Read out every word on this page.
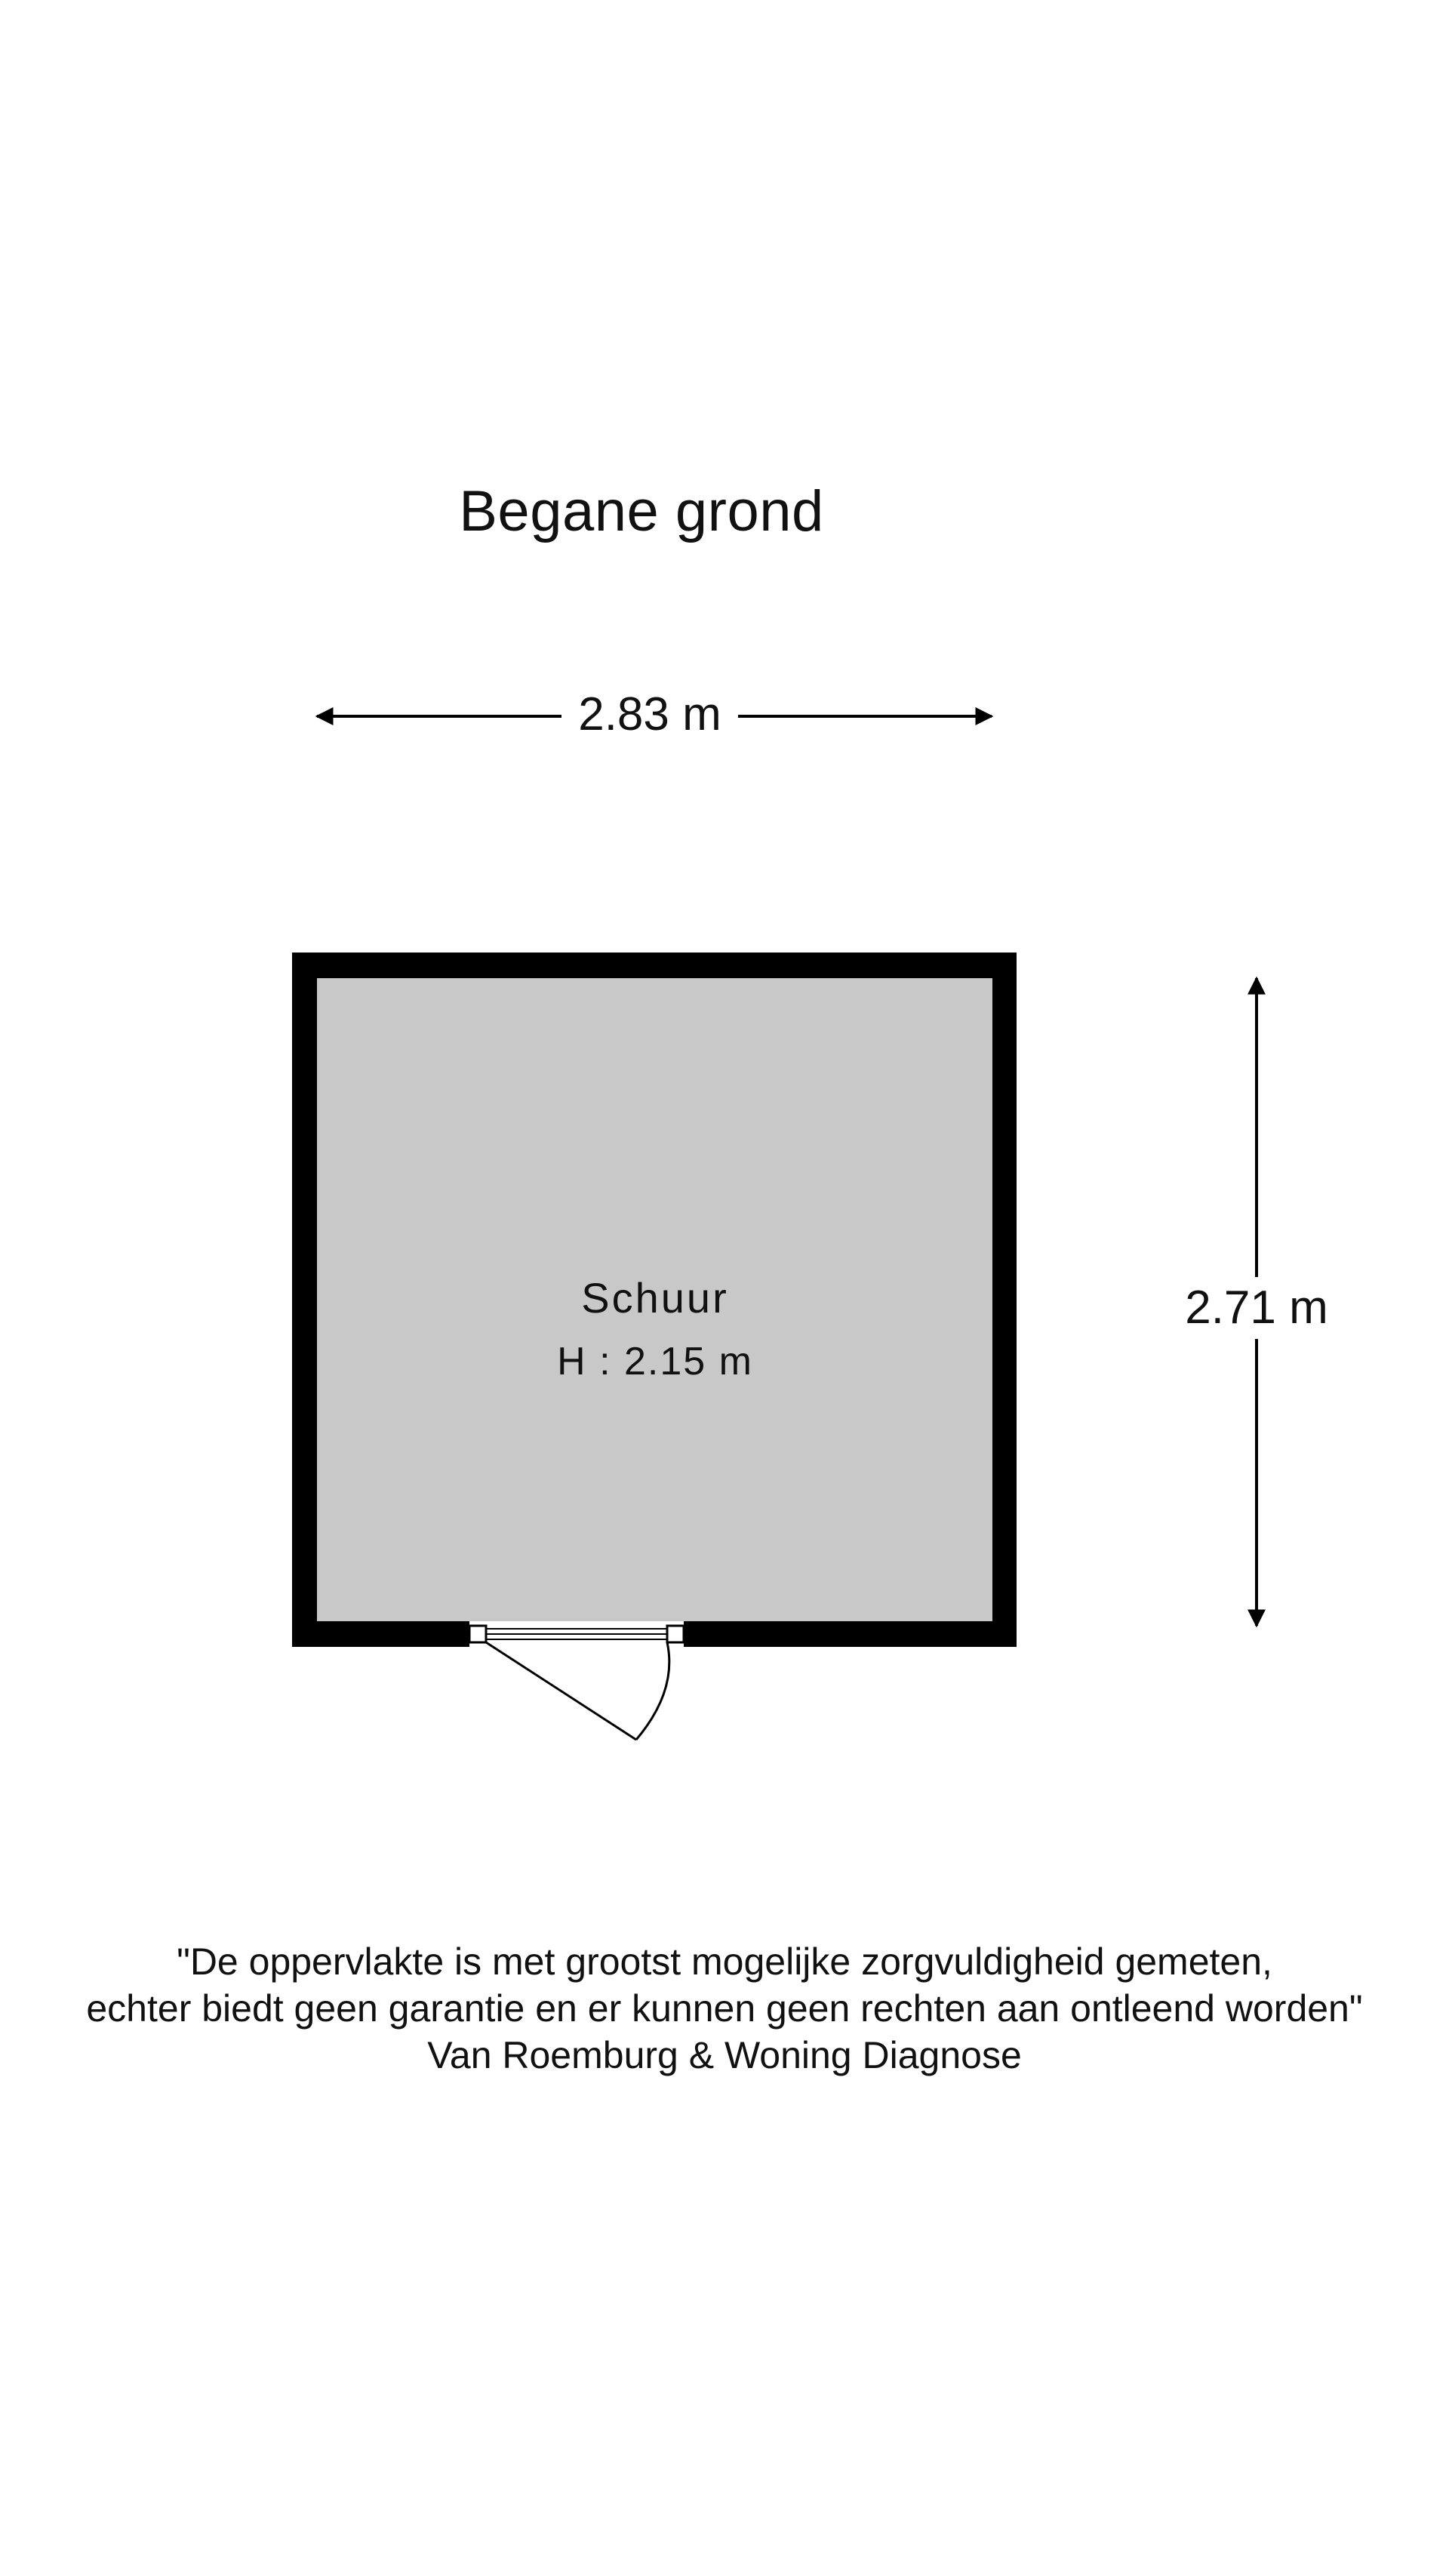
Begane grond
2.83 m
2.71 m
Schuur
H : 2.15 m
"De oppervlakte is met grootst mogelijke zorgvuldigheid gemeten,
echter biedt geen garantie en er kunnen geen rechten aan ontleend worden"
Van Roemburg & Woning Diagnose
